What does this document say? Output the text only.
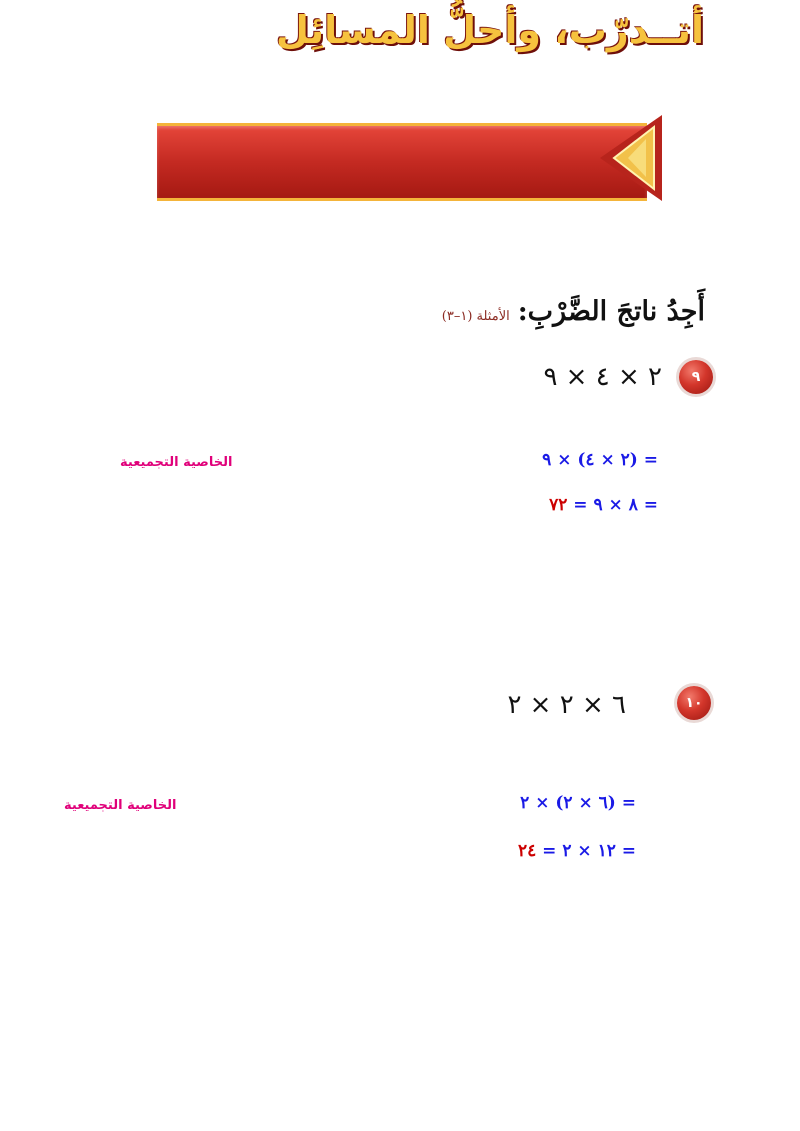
أتــدرّب، وأحلُّ المسائِل
أَجِدُ ناتجَ الضَّرْبِ:
الأمثلة (١–٣)
٩
٢ × ٤ × ٩
= (٢ × ٤) × ٩
الخاصية التجميعية
= ٨ × ٩ = ٧٢
١٠
٦ × ٢ × ٢
= (٦ × ٢) × ٢
الخاصية التجميعية
= ١٢ × ٢ = ٢٤
